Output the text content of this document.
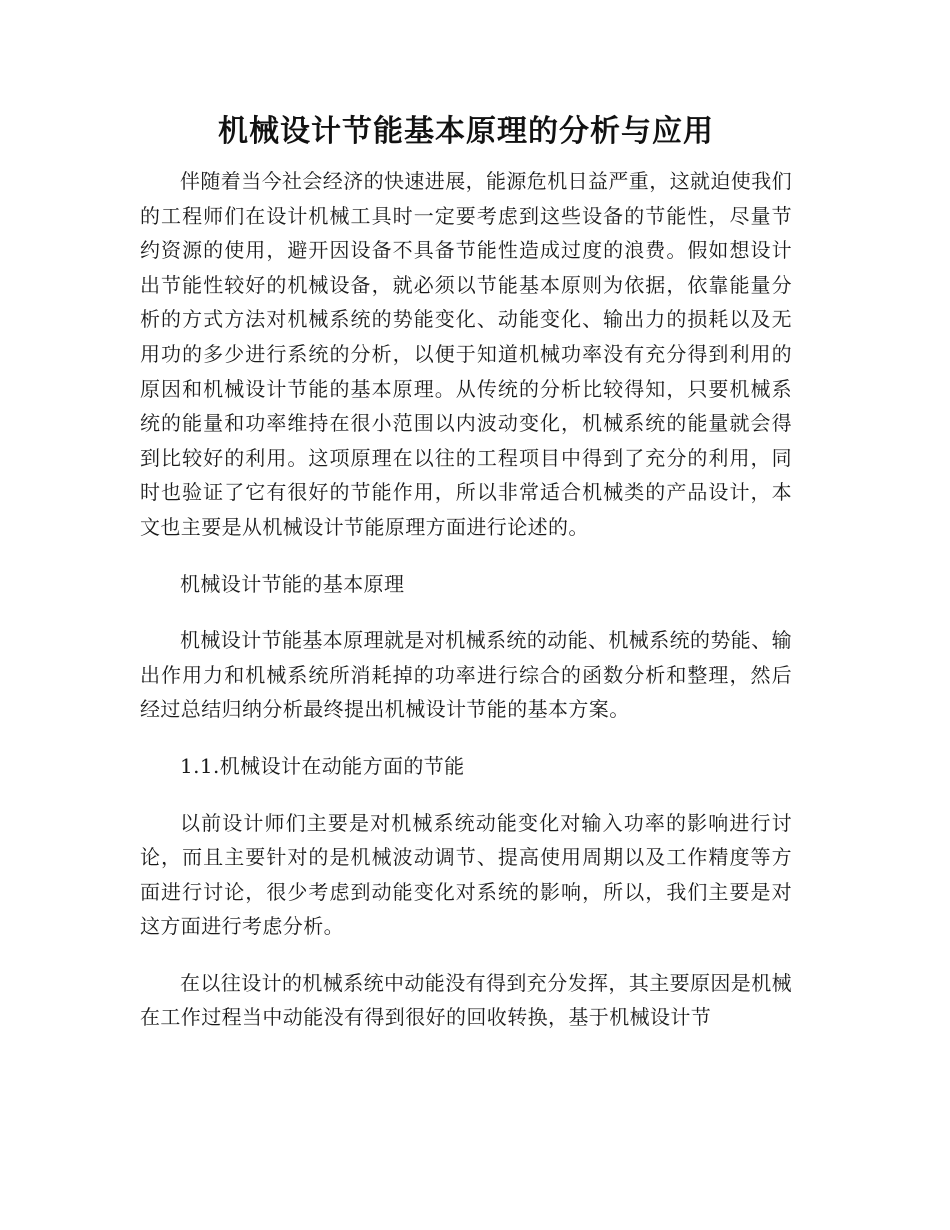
机械设计节能基本原理的分析与应用

伴随着当今社会经济的快速进展，能源危机日益严重，这就迫使我们的工程师们在设计机械工具时一定要考虑到这些设备的节能性，尽量节约资源的使用，避开因设备不具备节能性造成过度的浪费。假如想设计出节能性较好的机械设备，就必须以节能基本原则为依据，依靠能量分析的方式方法对机械系统的势能变化、动能变化、输出力的损耗以及无用功的多少进行系统的分析，以便于知道机械功率没有充分得到利用的原因和机械设计节能的基本原理。从传统的分析比较得知，只要机械系统的能量和功率维持在很小范围以内波动变化，机械系统的能量就会得到比较好的利用。这项原理在以往的工程项目中得到了充分的利用，同时也验证了它有很好的节能作用，所以非常适合机械类的产品设计，本文也主要是从机械设计节能原理方面进行论述的。

机械设计节能的基本原理

机械设计节能基本原理就是对机械系统的动能、机械系统的势能、输出作用力和机械系统所消耗掉的功率进行综合的函数分析和整理，然后经过总结归纳分析最终提出机械设计节能的基本方案。

1.1.机械设计在动能方面的节能

以前设计师们主要是对机械系统动能变化对输入功率的影响进行讨论，而且主要针对的是机械波动调节、提高使用周期以及工作精度等方面进行讨论，很少考虑到动能变化对系统的影响，所以，我们主要是对这方面进行考虑分析。

在以往设计的机械系统中动能没有得到充分发挥，其主要原因是机械在工作过程当中动能没有得到很好的回收转换，基于机械设计节
